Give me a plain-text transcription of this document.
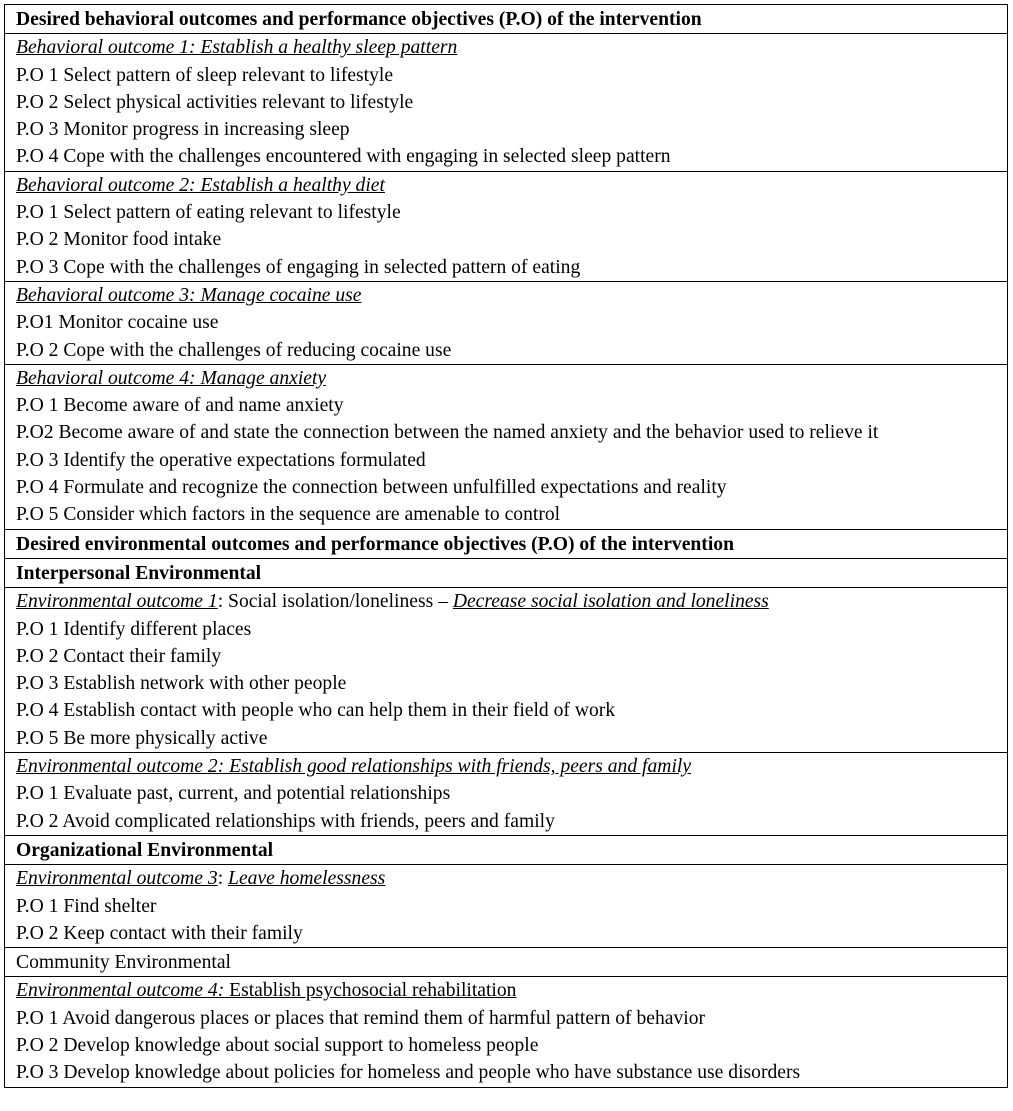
Desired behavioral outcomes and performance objectives (P.O) of the intervention

Behavioral outcome 1: Establish a healthy sleep pattern
P.O 1 Select pattern of sleep relevant to lifestyle
P.O 2 Select physical activities relevant to lifestyle
P.O 3 Monitor progress in increasing sleep
P.O 4 Cope with the challenges encountered with engaging in selected sleep pattern

Behavioral outcome 2: Establish a healthy diet
P.O 1 Select pattern of eating relevant to lifestyle
P.O 2 Monitor food intake
P.O 3 Cope with the challenges of engaging in selected pattern of eating

Behavioral outcome 3: Manage cocaine use
P.O1 Monitor cocaine use
P.O 2 Cope with the challenges of reducing cocaine use

Behavioral outcome 4: Manage anxiety
P.O 1 Become aware of and name anxiety
P.O2 Become aware of and state the connection between the named anxiety and the behavior used to relieve it
P.O 3 Identify the operative expectations formulated
P.O 4 Formulate and recognize the connection between unfulfilled expectations and reality
P.O 5 Consider which factors in the sequence are amenable to control

Desired environmental outcomes and performance objectives (P.O) of the intervention

Interpersonal Environmental

Environmental outcome 1: Social isolation/loneliness – Decrease social isolation and loneliness
P.O 1 Identify different places
P.O 2 Contact their family
P.O 3 Establish network with other people
P.O 4 Establish contact with people who can help them in their field of work
P.O 5 Be more physically active

Environmental outcome 2: Establish good relationships with friends, peers and family
P.O 1 Evaluate past, current, and potential relationships
P.O 2 Avoid complicated relationships with friends, peers and family

Organizational Environmental

Environmental outcome 3: Leave homelessness
P.O 1 Find shelter
P.O 2 Keep contact with their family

Community Environmental

Environmental outcome 4: Establish psychosocial rehabilitation
P.O 1 Avoid dangerous places or places that remind them of harmful pattern of behavior
P.O 2 Develop knowledge about social support to homeless people
P.O 3 Develop knowledge about policies for homeless and people who have substance use disorders
